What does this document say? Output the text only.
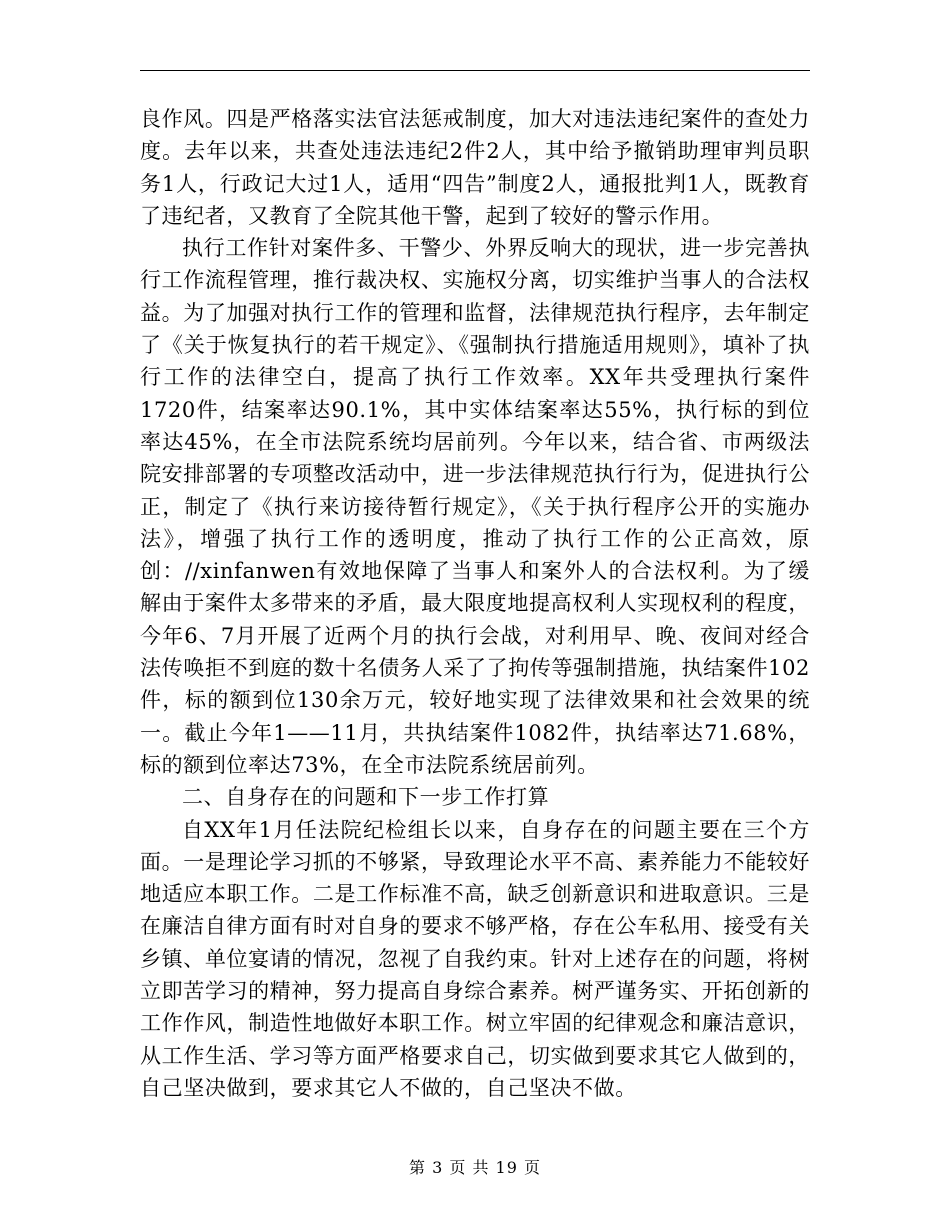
良作风。四是严格落实法官法惩戒制度，加大对违法违纪案件的查处力度。去年以来，共查处违法违纪2件2人，其中给予撤销助理审判员职务1人，行政记大过1人，适用“四告”制度2人，通报批判1人，既教育了违纪者，又教育了全院其他干警，起到了较好的警示作用。

执行工作针对案件多、干警少、外界反响大的现状，进一步完善执行工作流程管理，推行裁决权、实施权分离，切实维护当事人的合法权益。为了加强对执行工作的管理和监督，法律规范执行程序，去年制定了《关于恢复执行的若干规定》、《强制执行措施适用规则》，填补了执行工作的法律空白，提高了执行工作效率。XX年共受理执行案件1720件，结案率达90.1%，其中实体结案率达55%，执行标的到位率达45%，在全市法院系统均居前列。今年以来，结合省、市两级法院安排部署的专项整改活动中，进一步法律规范执行行为，促进执行公正，制定了《执行来访接待暂行规定》，《关于执行程序公开的实施办法》，增强了执行工作的透明度，推动了执行工作的公正高效，原创：//xinfanwen有效地保障了当事人和案外人的合法权利。为了缓解由于案件太多带来的矛盾，最大限度地提高权利人实现权利的程度，今年6、7月开展了近两个月的执行会战，对利用早、晚、夜间对经合法传唤拒不到庭的数十名债务人采了了拘传等强制措施，执结案件102件，标的额到位130余万元，较好地实现了法律效果和社会效果的统一。截止今年1——11月，共执结案件1082件，执结率达71.68%，标的额到位率达73%，在全市法院系统居前列。

二、自身存在的问题和下一步工作打算

自XX年1月任法院纪检组长以来，自身存在的问题主要在三个方面。一是理论学习抓的不够紧，导致理论水平不高、素养能力不能较好地适应本职工作。二是工作标准不高，缺乏创新意识和进取意识。三是在廉洁自律方面有时对自身的要求不够严格，存在公车私用、接受有关乡镇、单位宴请的情况，忽视了自我约束。针对上述存在的问题，将树立即苦学习的精神，努力提高自身综合素养。树严谨务实、开拓创新的工作作风，制造性地做好本职工作。树立牢固的纪律观念和廉洁意识，从工作生活、学习等方面严格要求自己，切实做到要求其它人做到的，自己坚决做到，要求其它人不做的，自己坚决不做。

第 3 页 共 19 页
